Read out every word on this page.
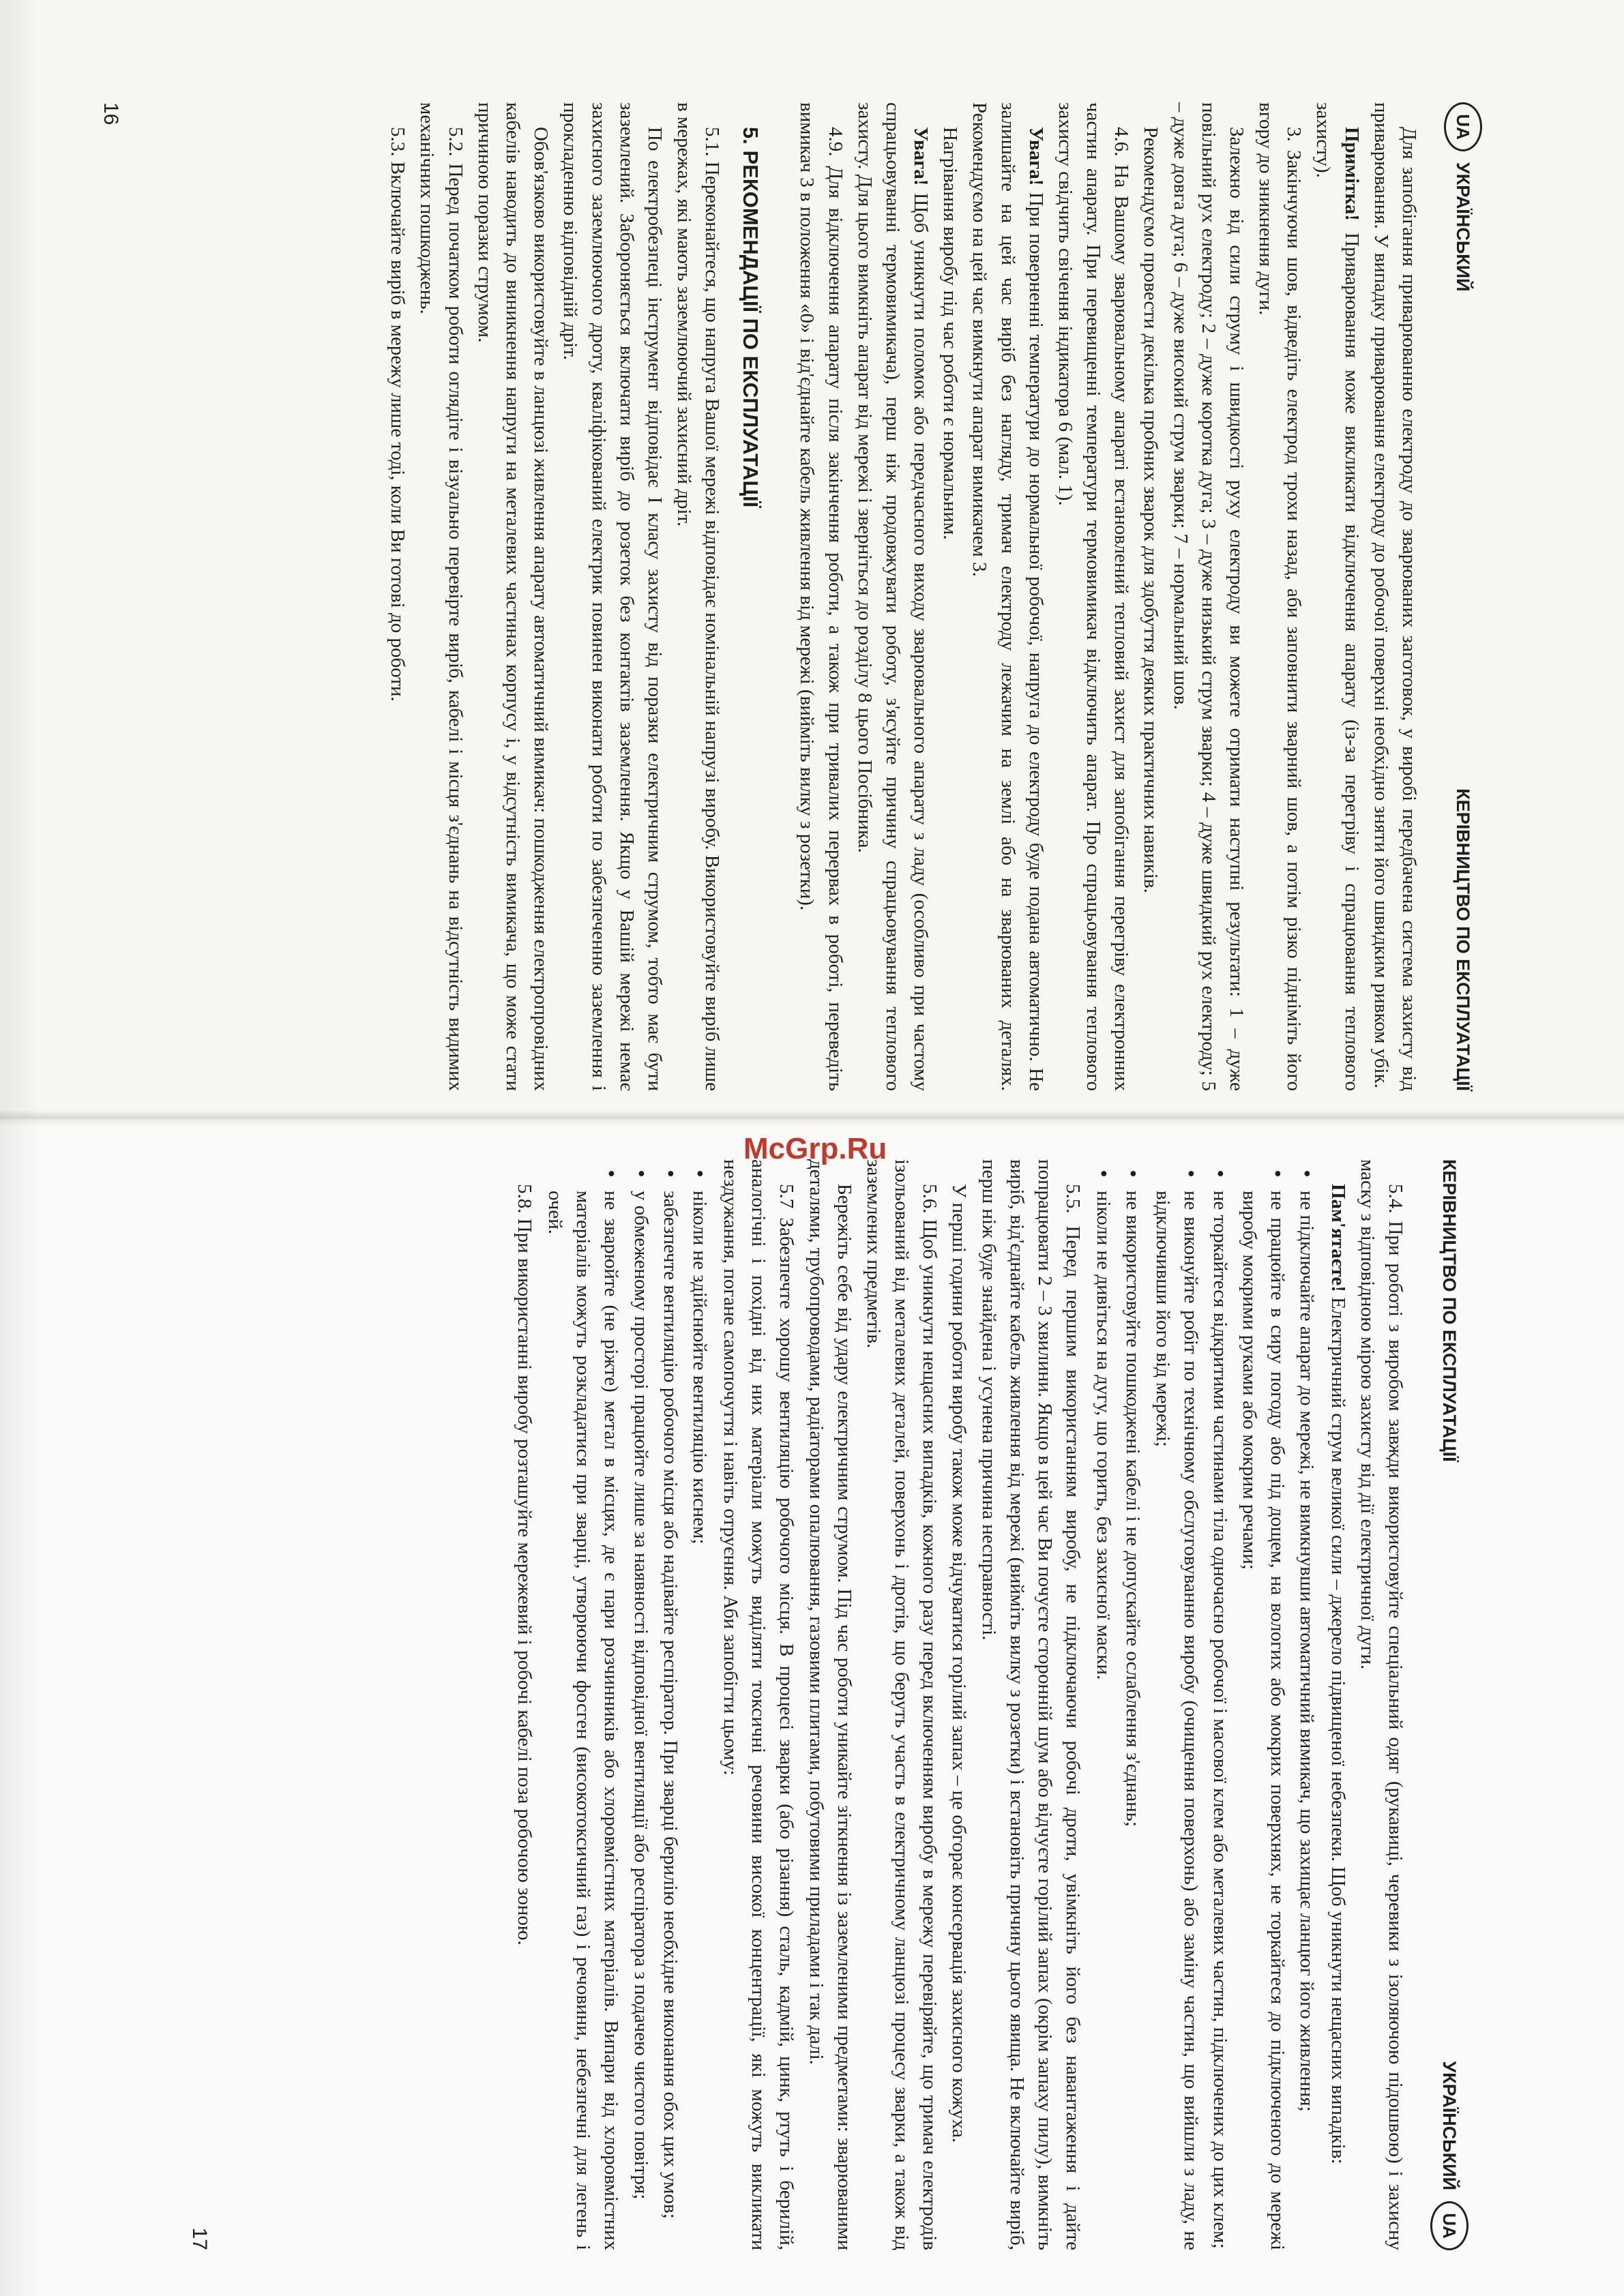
UA
УКРАЇНСЬКИЙ
КЕРІВНИЦТВО ПО ЕКСПЛУАТАЦІЇ

Для запобігання приварюванню електроду до зварюваних заготовок, у виробі передбачена система захисту від приварювання. У випадку приварювання електроду до робочої поверхні необхідно зняти його швидким ривком убік.

Примітка! Приварювання може викликати відключення апарату (із-за перегріву і спрацювання теплового захисту).

3. Закінчуючи шов, відведіть електрод трохи назад, аби заповнити зварний шов, а потім різко підніміть його вгору до зникнення дуги.

Залежно від сили струму і швидкості руху електроду ви можете отримати наступні результати: 1 – дуже повільний рух електроду; 2 – дуже коротка дуга; 3 – дуже низький струм зварки; 4 – дуже швидкий рух електроду; 5 – дуже довга дуга; 6 – дуже високий струм зварки; 7 – нормальний шов.

Рекомендуємо провести декілька пробних зварок для здобуття деяких практичних навиків.

4.6. На Вашому зварювальному апараті встановлений тепловий захист для запобігання перегріву електронних частин апарату. При перевищенні температури термовимикач відключить апарат. Про спрацьовування теплового захисту свідчить свічення індикатора 6 (мал. 1).

Увага! При поверненні температури до нормальної робочої, напруга до електроду буде подана автоматично. Не залишайте на цей час виріб без нагляду, тримач електроду лежачим на землі або на зварюваних деталях. Рекомендуємо на цей час вимкнути апарат вимикачем 3.

Нагрівання виробу під час роботи є нормальним.

Увага! Щоб уникнути поломок або передчасного виходу зварювального апарату з ладу (особливо при частому спрацьовуванні термовимикача), перш ніж продовжувати роботу, з'ясуйте причину спрацьовування теплового захисту. Для цього вимкніть апарат від мережі і зверніться до розділу 8 цього Посібника.

4.9. Для відключення апарату після закінчення роботи, а також при тривалих перервах в роботі, переведіть вимикач 3 в положення «0» і від'єднайте кабель живлення від мережі (вийміть вилку з розетки).

5. РЕКОМЕНДАЦІЇ ПО ЕКСПЛУАТАЦІЇ

5.1. Переконайтеся, що напруга Вашої мережі відповідає номінальній напрузі виробу. Використовуйте виріб лише в мережах, які мають заземлюючий захисний дріт.

По електробезпеці інструмент відповідає I класу захисту від поразки електричним струмом, тобто має бути заземлений. Забороняється включати виріб до розеток без контактів заземлення. Якщо у Вашій мережі немає захисного заземлюючого дроту, кваліфікований електрик повинен виконати роботи по забезпеченню заземлення і прокладенню відповідній дріт.

Обов'язково використовуйте в ланцюзі живлення апарату автоматичний вимикач: пошкодження електропровідних кабелів наводить до виникнення напруги на металевих частинах корпусу і, у відсутність вимикача, що може стати причиною поразки струмом.

5.2. Перед початком роботи оглядіте і візуально перевірте виріб, кабелі і місця з'єднань на відсутність видимих механічних пошкоджень.

5.3. Включайте виріб в мережу лише тоді, коли Ви готові до роботи.

16
McGrp.Ru
КЕРІВНИЦТВО ПО ЕКСПЛУАТАЦІЇ
УКРАЇНСЬКИЙ
UA

5.4. При роботі з виробом завжди використовуйте спеціальний одяг (рукавиці, черевики з ізоляючою підошвою) і захисну маску з відповідною мірою захисту від дії електричної дуги.

Пам'ятаєте! Електричний струм великої сили – джерело підвищеної небезпеки. Щоб уникнути нещасних випадків:

• не підключайте апарат до мережі, не вимкнувши автоматичний вимикач, що захищає ланцюг його живлення;
• не працюйте в сиру погоду або під дощем, на вологих або мокрих поверхнях, не торкайтеся до підключеного до мережі виробу мокрими руками або мокрим речами;
• не торкайтеся відкритими частинами тіла одночасно робочої і масової клем або металевих частин, підключених до цих клем;
• не виконуйте робіт по технічному обслуговуванню виробу (очищення поверхонь) або заміну частин, що вийшли з ладу, не відключивши його від мережі;
• не використовуйте пошкоджені кабелі і не допускайте ослаблення з'єднань;
• ніколи не дивіться на дугу, що горить, без захисної маски.

5.5. Перед першим використанням виробу, не підключаючи робочі дроти, увімкніть його без навантаження і дайте попрацювати 2 – 3 хвилини. Якщо в цей час Ви почуєте сторонній шум або відчуєте горілий запах (окрім запаху пилу), вимкніть виріб, від'єднайте кабель живлення від мережі (вийміть вилку з розетки) і встановіть причину цього явища. Не включайте виріб, перш ніж буде знайдена і усунена причина несправності.

У перші години роботи виробу також може відчуватися горілий запах – це обгорає консервація захисного кожуха.

5.6. Щоб уникнути нещасних випадків, кожного разу перед включенням виробу в мережу перевіряйте, що тримач електродів ізольований від металевих деталей, поверхонь і дротів, що беруть участь в електричному ланцюзі процесу зварки, а також від заземлених предметів.

Бережіть себе від удару електричним струмом. Під час роботи уникайте зіткнення із заземленими предметами: зварюваними деталями, трубопроводами, радіаторами опалювання, газовими плитами, побутовими приладами і так далі.

5.7 Забезпечте хорошу вентиляцію робочого місця. В процесі зварки (або різання) сталь, кадмій, цинк, ртуть і берилій, аналогічні і похідні від них матеріали можуть виділяти токсичні речовини високої концентрації, які можуть викликати нездужання, погане самопочуття і навіть отруєння. Аби запобігти цьому:

• ніколи не здійснюйте вентиляцію киснем;
• забезпечте вентиляцію робочого місця або надівайте респіратор. При зварці берилію необхідне виконання обох цих умов;
• у обмеженому просторі працюйте лише за наявності відповідної вентиляції або респіратора з подачею чистого повітря;
• не зварюйте (не ріжте) метал в місцях, де є пари розчинників або хлоровмістних матеріалів. Випари від хлоровмістних матеріалів можуть розкладатися при зварці, утворюючи фосген (високотоксичний газ) і речовини, небезпечні для легень і очей.

5.8. При використанні виробу розташуйте мережевий і робочі кабелі поза робочою зоною.

17
